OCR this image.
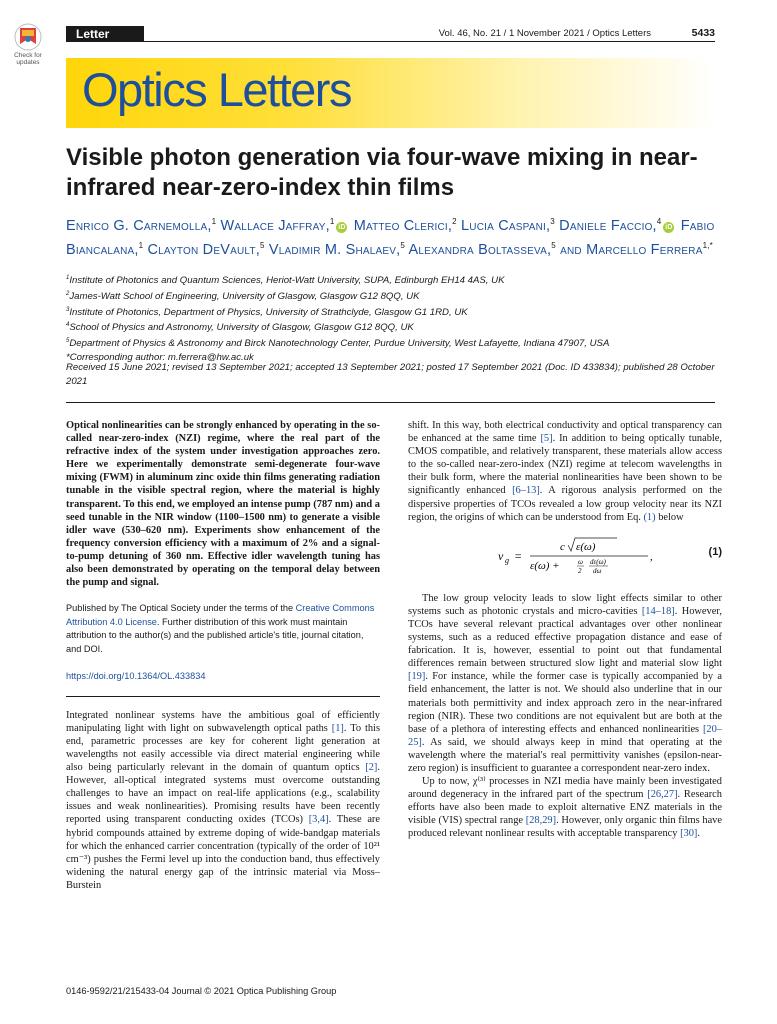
Check for updates
Letter	Vol. 46, No. 21 / 1 November 2021 / Optics Letters	5433
Optics Letters
Visible photon generation via four-wave mixing in near-infrared near-zero-index thin films
Enrico G. Carnemolla,$^1$ Wallace Jaffray,$^1$iD Matteo Clerici,$^2$ Lucia Caspani,$^3$ Daniele Faccio,$^4$iD Fabio Biancalana,$^1$ Clayton DeVault,$^5$ Vladimir M. Shalaev,$^5$ Alexandra Boltasseva,$^5$ and Marcello Ferrera$^{1,*}$
$^1$Institute of Photonics and Quantum Sciences, Heriot-Watt University, SUPA, Edinburgh EH14 4AS, UK
$^2$James-Watt School of Engineering, University of Glasgow, Glasgow G12 8QQ, UK
$^3$Institute of Photonics, Department of Physics, University of Strathclyde, Glasgow G1 1RD, UK
$^4$School of Physics and Astronomy, University of Glasgow, Glasgow G12 8QQ, UK
$^5$Department of Physics & Astronomy and Birck Nanotechnology Center, Purdue University, West Lafayette, Indiana 47907, USA
*Corresponding author: m.ferrera@hw.ac.uk
Received 15 June 2021; revised 13 September 2021; accepted 13 September 2021; posted 17 September 2021 (Doc. ID 433834); published 28 October 2021
Optical nonlinearities can be strongly enhanced by operating in the so-called near-zero-index (NZI) regime, where the real part of the refractive index of the system under investigation approaches zero. Here we experimentally demonstrate semi-degenerate four-wave mixing (FWM) in aluminum zinc oxide thin films generating radiation tunable in the visible spectral region, where the material is highly transparent. To this end, we employed an intense pump (787 nm) and a seed tunable in the NIR window (1100–1500 nm) to generate a visible idler wave (530–620 nm). Experiments show enhancement of the frequency conversion efficiency with a maximum of 2% and a signal-to-pump detuning of 360 nm. Effective idler wavelength tuning has also been demonstrated by operating on the temporal delay between the pump and signal.
Published by The Optical Society under the terms of the Creative Commons Attribution 4.0 License. Further distribution of this work must maintain attribution to the author(s) and the published article's title, journal citation, and DOI.
https://doi.org/10.1364/OL.433834

Integrated nonlinear systems have the ambitious goal of efficiently manipulating light with light on subwavelength optical paths [1]. To this end, parametric processes are key for coherent light generation at wavelengths not easily accessible via direct material engineering while also being particularly relevant in the domain of quantum optics [2]. However, all-optical integrated systems must overcome outstanding challenges to have an impact on real-life applications (e.g., scalability issues and weak nonlinearities). Promising results have been recently reported using transparent conducting oxides (TCOs) [3,4]. These are hybrid compounds attained by extreme doping of wide-bandgap materials for which the enhanced carrier concentration (typically of the order of 10²¹ cm⁻³) pushes the Fermi level up into the conduction band, thus effectively widening the natural energy gap of the intrinsic material via Moss–Burstein

shift. In this way, both electrical conductivity and optical transparency can be enhanced at the same time [5]. In addition to being optically tunable, CMOS compatible, and relatively transparent, these materials allow access to the so-called near-zero-index (NZI) regime at telecom wavelengths in their bulk form, where the material nonlinearities have been shown to be significantly enhanced [6–13]. A rigorous analysis performed on the dispersive properties of TCOs revealed a low group velocity near its NZI region, the origins of which can be understood from Eq. (1) below

v g =
c ε(ω)
ε(ω) +	ω
2
dε(ω)
dω
,	(1)

The low group velocity leads to slow light effects similar to other systems such as photonic crystals and micro-cavities [14–18]. However, TCOs have several relevant practical advantages over other nonlinear systems, such as a reduced effective propagation distance and ease of fabrication. It is, however, essential to point out that fundamental differences remain between structured slow light and material slow light [19]. For instance, while the former case is typically accompanied by a field enhancement, the latter is not. We should also underline that in our materials both permittivity and index approach zero in the near-infrared region (NIR). These two conditions are not equivalent but are both at the base of a plethora of interesting effects and enhanced nonlinearities [20–25]. As said, we should always keep in mind that operating at the wavelength where the material's real permittivity vanishes (epsilon-near-zero region) is insufficient to guarantee a correspondent near-zero index.

Up to now, χ⁽³⁾ processes in NZI media have mainly been investigated around degeneracy in the infrared part of the spectrum [26,27]. Research efforts have also been made to exploit alternative ENZ materials in the visible (VIS) spectral range [28,29]. However, only organic thin films have produced relevant nonlinear results with acceptable transparency [30].

0146-9592/21/215433-04 Journal © 2021 Optica Publishing Group
